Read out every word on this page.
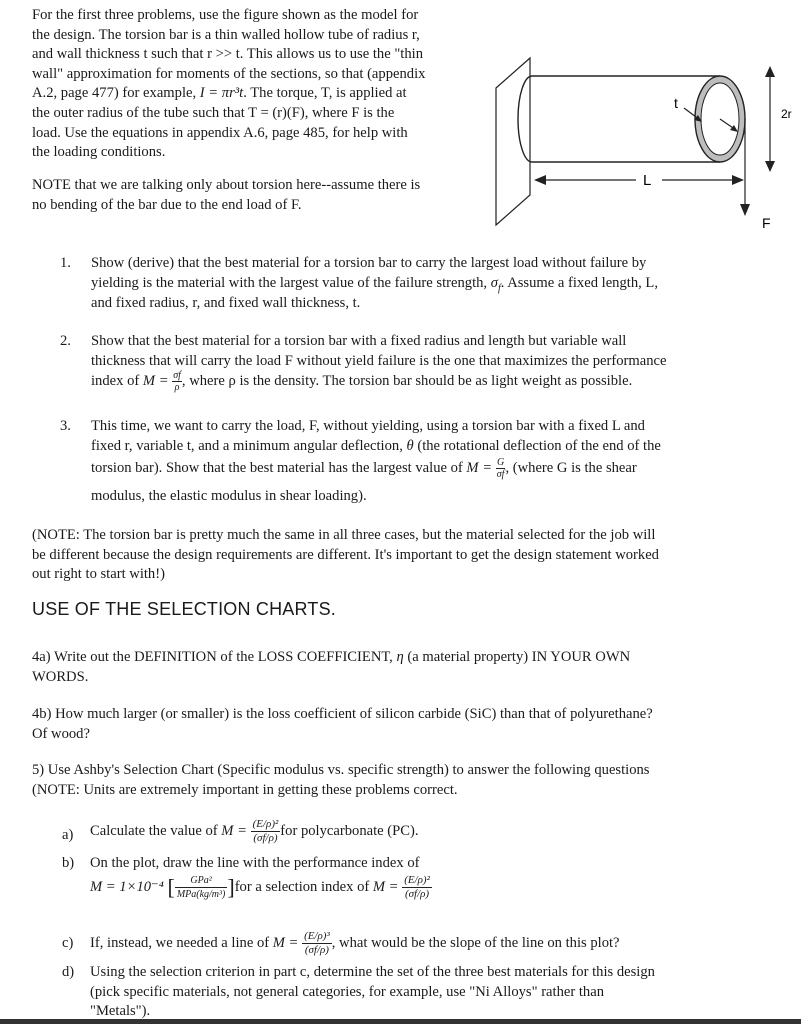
For the first three problems, use the figure shown as the model for
the design. The torsion bar is a thin walled hollow tube of radius r,
and wall thickness t such that r >> t. This allows us to use the "thin
wall" approximation for moments of the sections, so that (appendix
A.2, page 477) for example, I = πr³t. The torque, T, is applied at
the outer radius of the tube such that T = (r)(F), where F is the
load. Use the equations in appendix A.6, page 485, for help with
the loading conditions.
NOTE that we are talking only about torsion here--assume there is
no bending of the bar due to the end load of F.
t
L
2r
F
1. Show (derive) that the best material for a torsion bar to carry the largest load without failure by
yielding is the material with the largest value of the failure strength, $\sigma_f$. Assume a fixed length, L,
and fixed radius, r, and fixed wall thickness, t.
2. Show that the best material for a torsion bar with a fixed radius and length but variable wall
thickness that will carry the load F without yield failure is the one that maximizes the performance
index of $M = \frac{\sigma f}{\rho}$ , where ρ is the density. The torsion bar should be as light weight as possible.
3. This time, we want to carry the load, F, without yielding, using a torsion bar with a fixed L and
fixed r, variable t, and a minimum angular deflection, θ (the rotational deflection of the end of the
torsion bar). Show that the best material has the largest value of $M = \frac{G}{\sigma f}$ , (where G is the shear
modulus, the elastic modulus in shear loading).
(NOTE: The torsion bar is pretty much the same in all three cases, but the material selected for the job will
be different because the design requirements are different. It's important to get the design statement worked
out right to start with!)
USE OF THE SELECTION CHARTS.
4a) Write out the DEFINITION of the LOSS COEFFICIENT, η (a material property) IN YOUR OWN
WORDS.
4b) How much larger (or smaller) is the loss coefficient of silicon carbide (SiC) than that of polyurethane?
Of wood?
5) Use Ashby's Selection Chart (Specific modulus vs. specific strength) to answer the following questions
(NOTE: Units are extremely important in getting these problems correct.
a) Calculate the value of $M = \frac{\text{(E/ρ)²}}{(\sigma f/\rho)}$ for polycarbonate (PC).
b) On the plot, draw the line with the performance index of
M = 1×10⁻⁴ [	GPa²
MPa(kg/m³) ]for a selection index of $M = \frac{\text{(E/ρ)²}}{(\sigma f/\rho)}$
c) If, instead, we needed a line of $M = \frac{\text{(E/ρ)³}}{(\sigma f/\rho)}$ , what would be the slope of the line on this plot?
d) Using the selection criterion in part c, determine the set of the three best materials for this design
(pick specific materials, not general categories, for example, use "Ni Alloys" rather than
"Metals").
